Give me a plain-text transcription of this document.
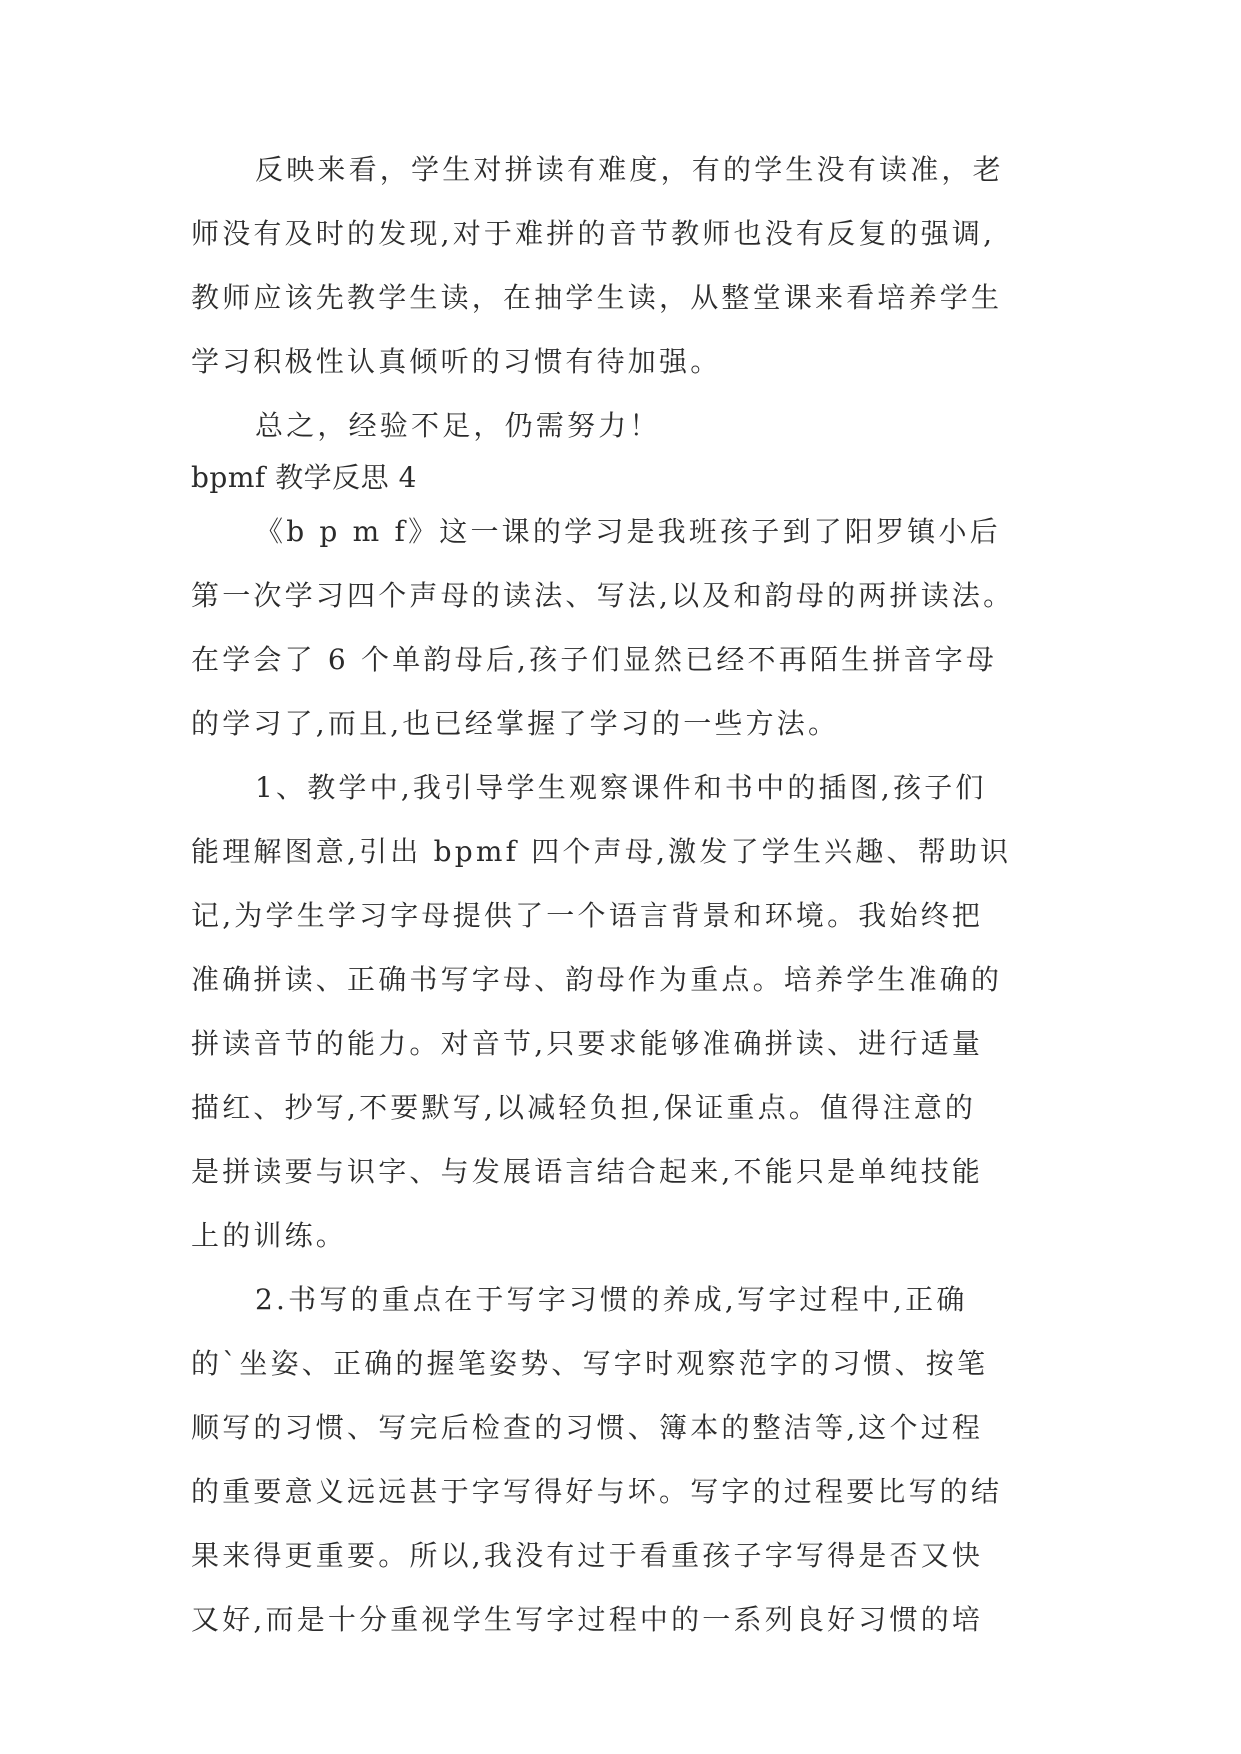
反映来看，学生对拼读有难度，有的学生没有读准，老

师没有及时的发现,对于难拼的音节教师也没有反复的强调,

教师应该先教学生读，在抽学生读，从整堂课来看培养学生

学习积极性认真倾听的习惯有待加强。

总之，经验不足，仍需努力！

bpmf 教学反思 4

《b p m f》这一课的学习是我班孩子到了阳罗镇小后

第一次学习四个声母的读法、写法,以及和韵母的两拼读法。

在学会了 6 个单韵母后,孩子们显然已经不再陌生拼音字母

的学习了,而且,也已经掌握了学习的一些方法。

1、教学中,我引导学生观察课件和书中的插图,孩子们

能理解图意,引出 bpmf 四个声母,激发了学生兴趣、帮助识

记,为学生学习字母提供了一个语言背景和环境。我始终把

准确拼读、正确书写字母、韵母作为重点。培养学生准确的

拼读音节的能力。对音节,只要求能够准确拼读、进行适量

描红、抄写,不要默写,以减轻负担,保证重点。值得注意的

是拼读要与识字、与发展语言结合起来,不能只是单纯技能

上的训练。

2.书写的重点在于写字习惯的养成,写字过程中,正确

的`坐姿、正确的握笔姿势、写字时观察范字的习惯、按笔

顺写的习惯、写完后检查的习惯、簿本的整洁等,这个过程

的重要意义远远甚于字写得好与坏。写字的过程要比写的结

果来得更重要。所以,我没有过于看重孩子字写得是否又快

又好,而是十分重视学生写字过程中的一系列良好习惯的培
